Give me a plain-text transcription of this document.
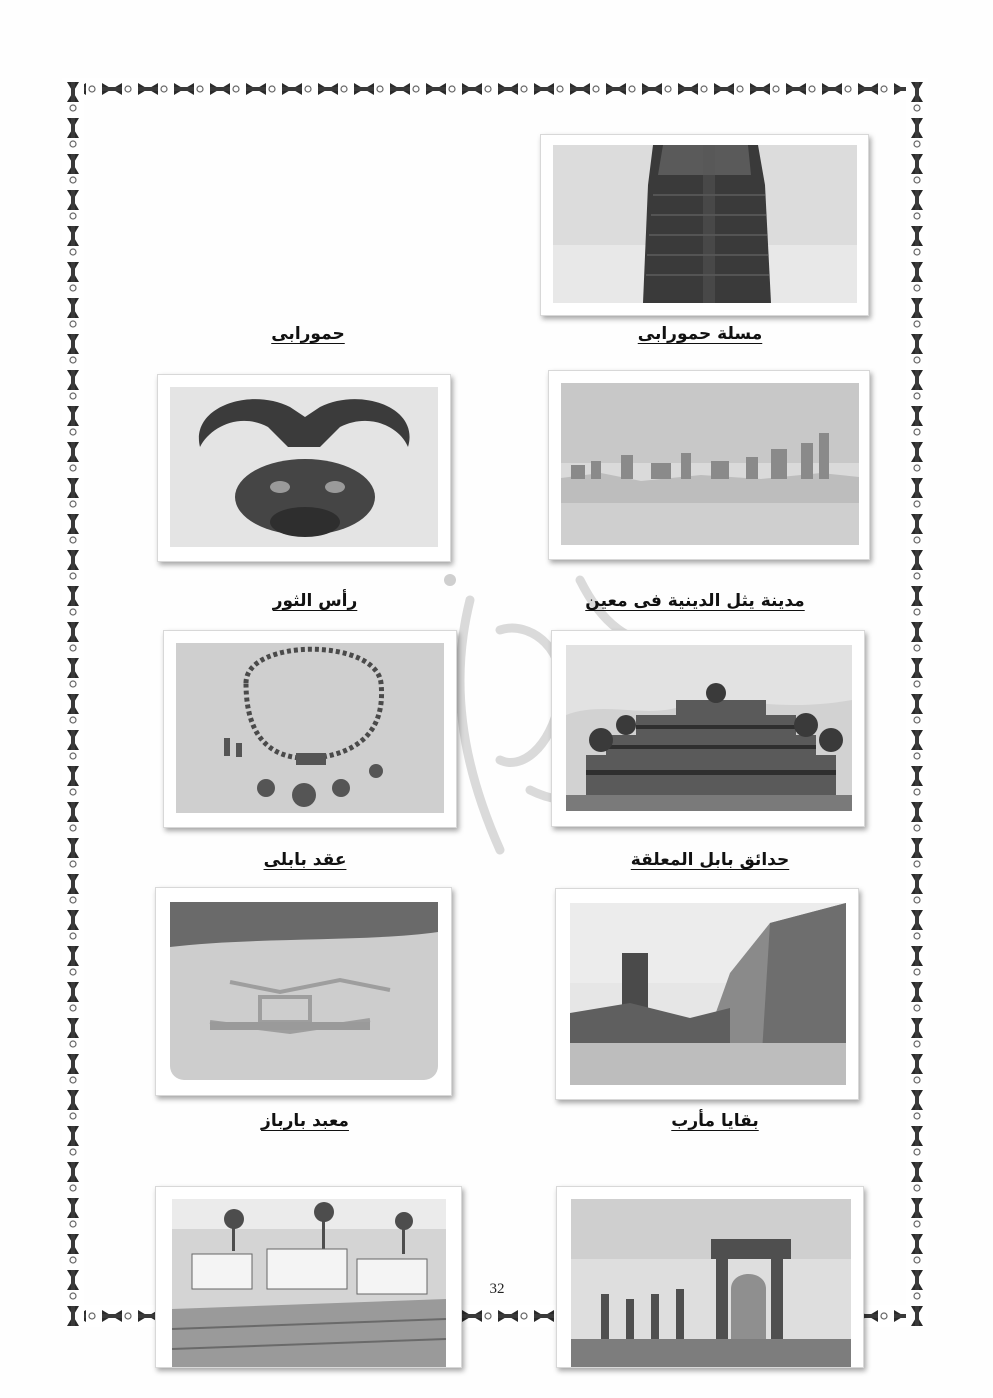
مسلة حمورابى
حمورابى
مدينة يثل الدينية فى معين
رأس الثور
حدائق بابل المعلقة
عقد بابلى
بقايا مأرب
معبد بارباز
32
